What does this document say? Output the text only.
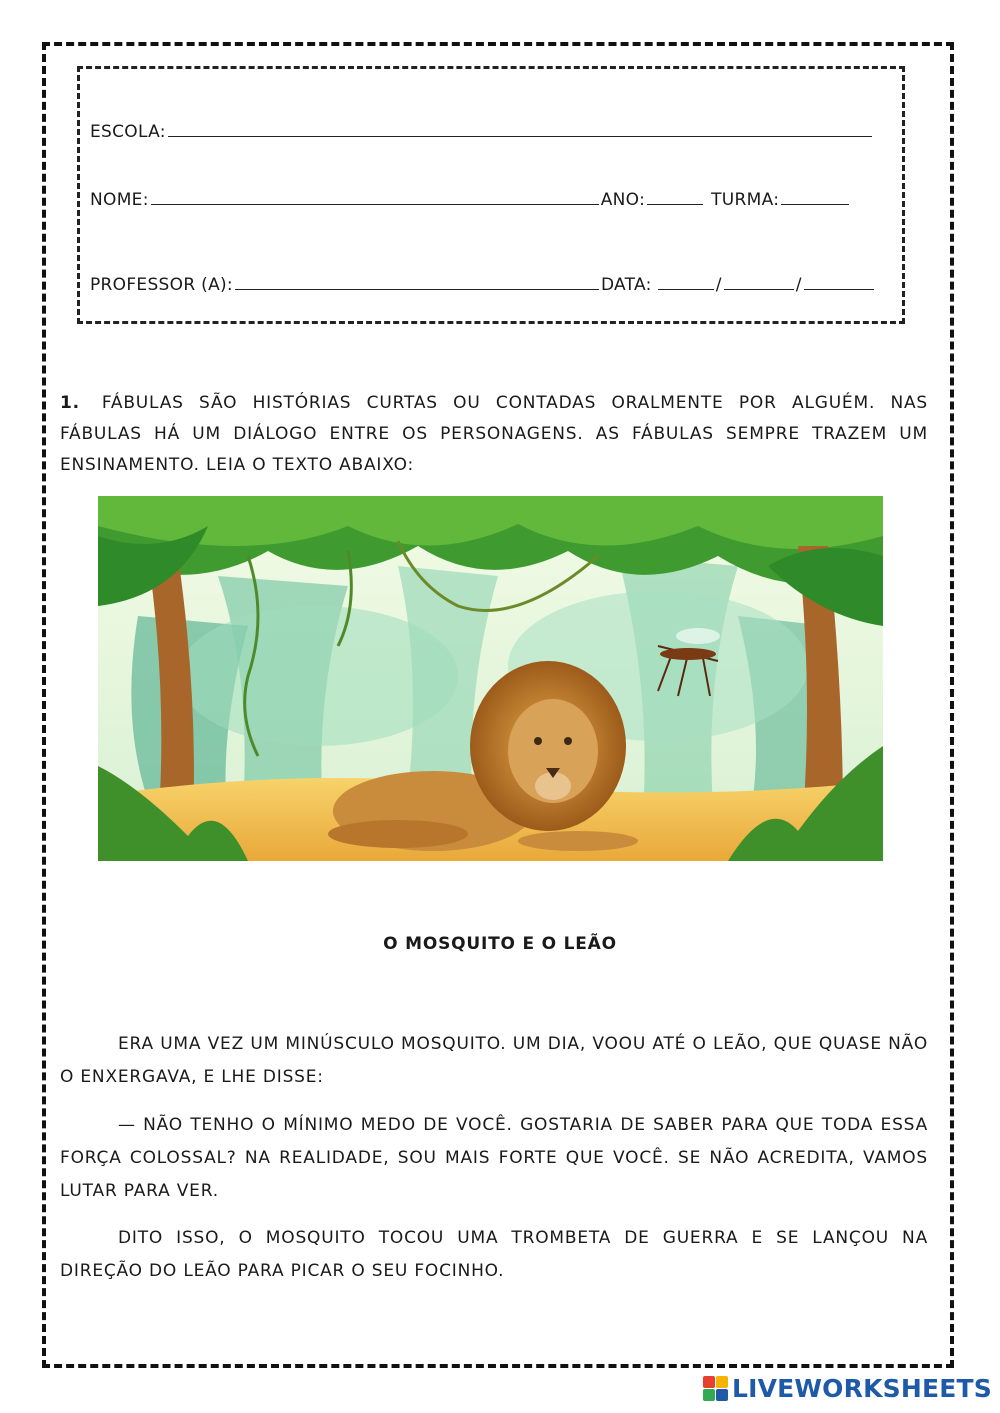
ESCOLA:
NOME:	ANO:	TURMA:
PROFESSOR (A):	DATA:	/	/
1. FÁBULAS SÃO HISTÓRIAS CURTAS OU CONTADAS ORALMENTE POR ALGUÉM. NAS FÁBULAS HÁ UM DIÁLOGO ENTRE OS PERSONAGENS. AS FÁBULAS SEMPRE TRAZEM UM ENSINAMENTO. LEIA O TEXTO ABAIXO:
O MOSQUITO E O LEÃO
ERA UMA VEZ UM MINÚSCULO MOSQUITO. UM DIA, VOOU ATÉ O LEÃO, QUE QUASE NÃO O ENXERGAVA, E LHE DISSE:
— NÃO TENHO O MÍNIMO MEDO DE VOCÊ. GOSTARIA DE SABER PARA QUE TODA ESSA FORÇA COLOSSAL? NA REALIDADE, SOU MAIS FORTE QUE VOCÊ. SE NÃO ACREDITA, VAMOS LUTAR PARA VER.
DITO ISSO, O MOSQUITO TOCOU UMA TROMBETA DE GUERRA E SE LANÇOU NA DIREÇÃO DO LEÃO PARA PICAR O SEU FOCINHO.
LIVEWORKSHEETS
